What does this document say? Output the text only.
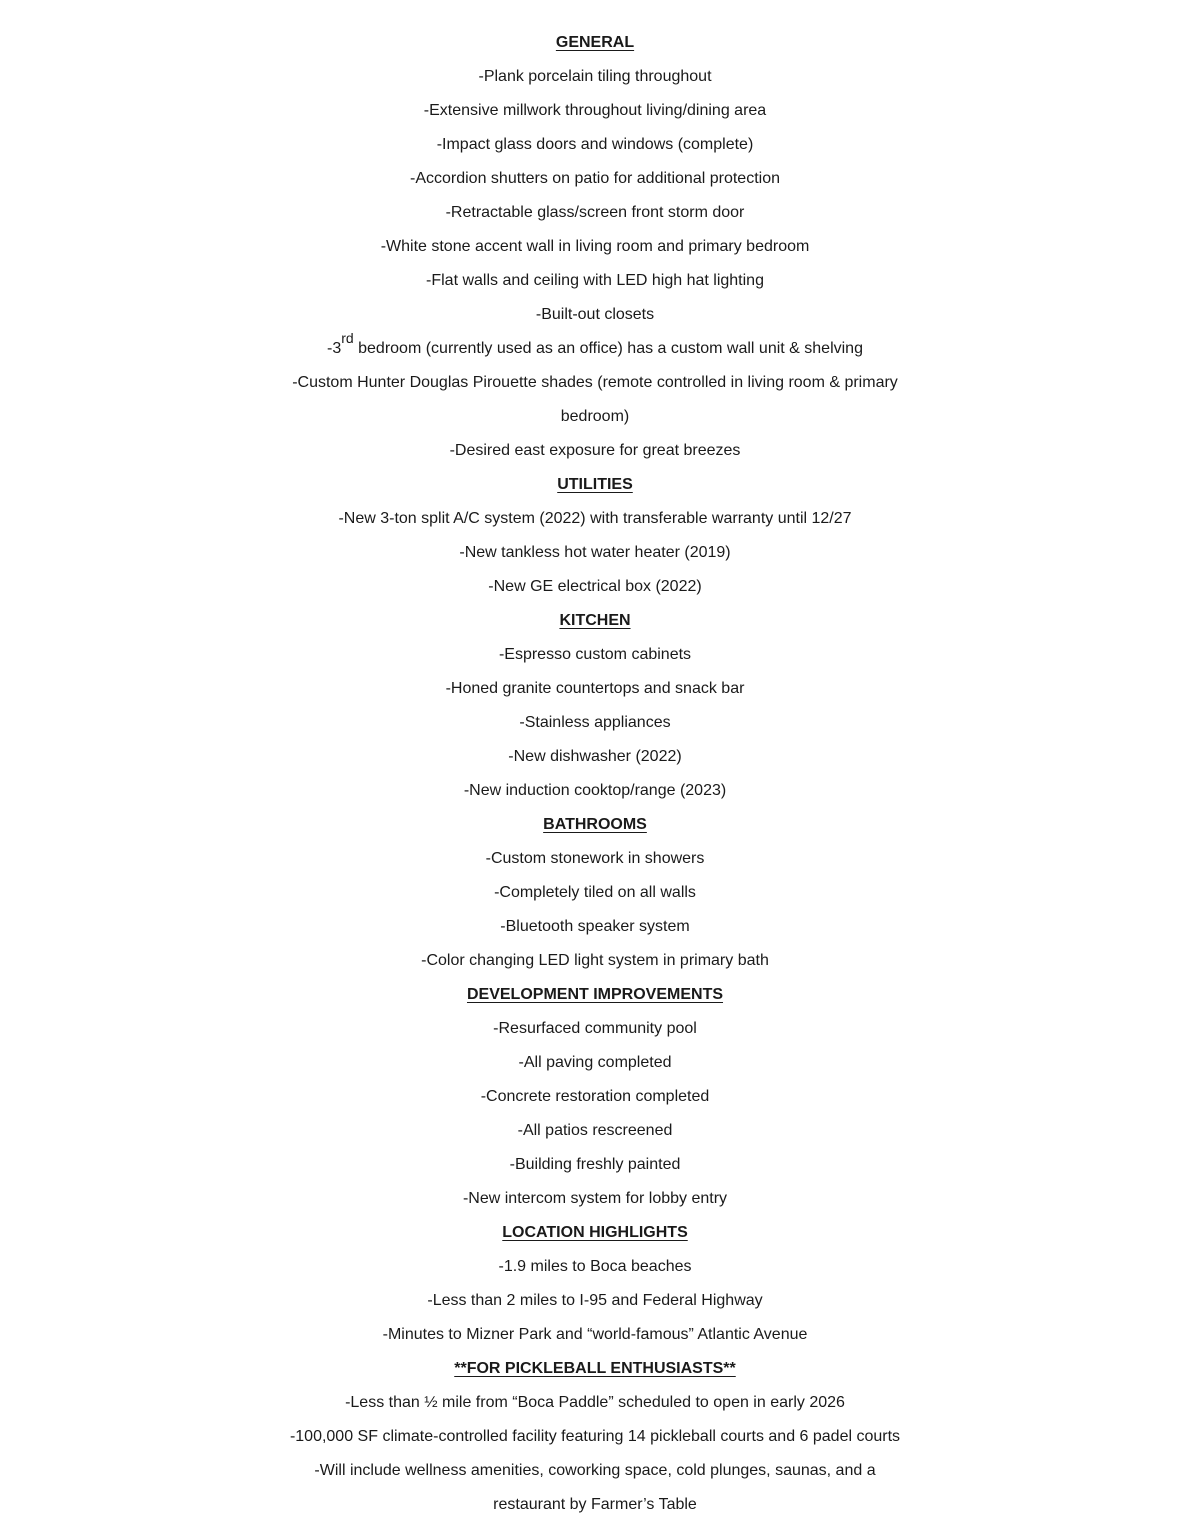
GENERAL
-Plank porcelain tiling throughout
-Extensive millwork throughout living/dining area
-Impact glass doors and windows (complete)
-Accordion shutters on patio for additional protection
-Retractable glass/screen front storm door
-White stone accent wall in living room and primary bedroom
-Flat walls and ceiling with LED high hat lighting
-Built-out closets
-3rd bedroom (currently used as an office) has a custom wall unit & shelving
-Custom Hunter Douglas Pirouette shades (remote controlled in living room & primary
bedroom)
-Desired east exposure for great breezes
UTILITIES
-New 3-ton split A/C system (2022) with transferable warranty until 12/27
-New tankless hot water heater (2019)
-New GE electrical box (2022)
KITCHEN
-Espresso custom cabinets
-Honed granite countertops and snack bar
-Stainless appliances
-New dishwasher (2022)
-New induction cooktop/range (2023)
BATHROOMS
-Custom stonework in showers
-Completely tiled on all walls
-Bluetooth speaker system
-Color changing LED light system in primary bath
DEVELOPMENT IMPROVEMENTS
-Resurfaced community pool
-All paving completed
-Concrete restoration completed
-All patios rescreened
-Building freshly painted
-New intercom system for lobby entry
LOCATION HIGHLIGHTS
-1.9 miles to Boca beaches
-Less than 2 miles to I-95 and Federal Highway
-Minutes to Mizner Park and “world-famous” Atlantic Avenue
**FOR PICKLEBALL ENTHUSIASTS**
-Less than ½ mile from “Boca Paddle” scheduled to open in early 2026
-100,000 SF climate-controlled facility featuring 14 pickleball courts and 6 padel courts
-Will include wellness amenities, coworking space, cold plunges, saunas, and a
restaurant by Farmer’s Table
